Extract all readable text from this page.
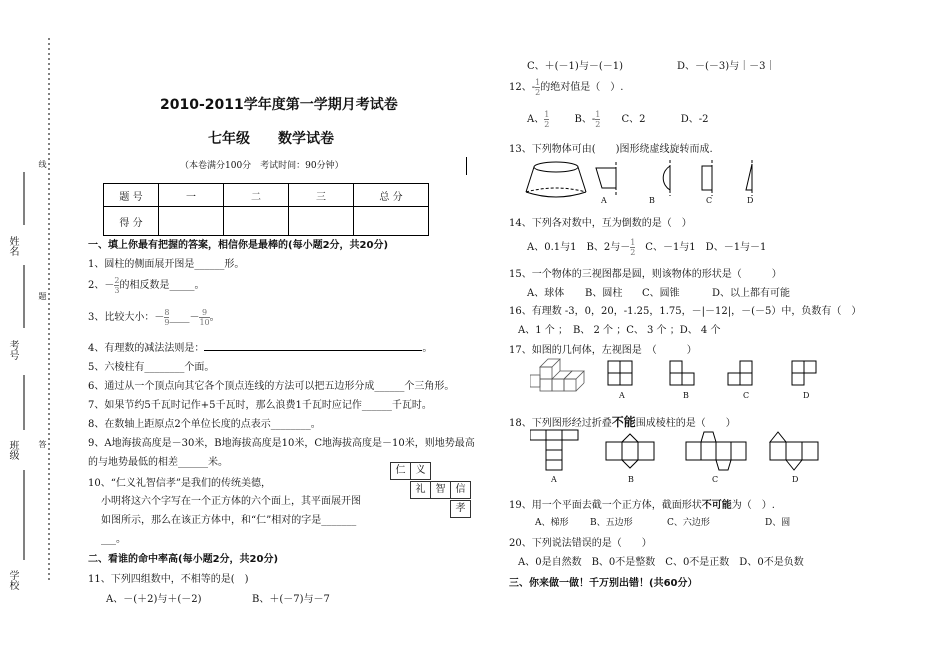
姓名
考号
班级
学校
线
题
答
2010-2011学年度第一学期月考试卷
七年级　　数学试卷
（本卷满分100分　考试时间：90分钟）
题 号	一	二	三	总 分
得 分				
一、填上你最有把握的答案，相信你是最棒的(每小题2分，共20分)
1、圆柱的侧面展开图是______形。
2、－ $\frac{2}{3}$ 的相反数是_____。
3、比较大小：－ $\frac{8}{9}$ ____－ $\frac{9}{10}$ 。
4、有理数的减法法则是：	。
5、六棱柱有________个面。
6、通过从一个顶点向其它各个顶点连线的方法可以把五边形分成______个三角形。
7、如果节约5千瓦时记作+5千瓦时，那么浪费1千瓦时应记作______千瓦时。
8、在数轴上距原点2个单位长度的点表示________。
9、A地海拔高度是－30米，B地海拔高度是10米，C地海拔高度是－10米，则地势最高
的与地势最低的相差______米。
10、“仁义礼智信孝”是我们的传统美德，
小明将这六个字写在一个正方体的六个面上，其平面展开图
如图所示，那么在该正方体中，和“仁”相对的字是_______
___。
仁	义
礼	智	信
孝
二、看谁的命中率高(每小题2分，共20分)
11、下列四组数中，不相等的是(　)
A、－(＋2)与＋(－2)	B、＋(－7)与－7
C、＋(－1)与－(－1)	D、－(－3)与｜－3｜
12、- $\frac{1}{2}$ 的绝对值是（　）.
A、 $\frac{1}{2}$	B、- $\frac{1}{2}$ C、2	D、-2
13、下列物体可由(　　)图形绕虚线旋转而成.
A	B	C	D
14、下列各对数中，互为倒数的是（　）
A、0.1与1　B、2与－ $\frac{1}{2}$ 　C、－1与1　D、－1与－1
15、一个物体的三视图都是圆，则该物体的形状是（　　　）
A、球体 B、圆柱 C、圆锥	D、以上都有可能
16、有理数 -3，0，20，-1.25，1.75，－|－12|，－(－5）中，负数有（　）
A、1 个 ；　B、 2 个 ；C、 3 个 ；D、 4 个
17、如图的几何体，左视图是　（　　　）
A	B	C	D
18、下列图形经过折叠不能围成棱柱的是（　　）
A	B	C	D
19、用一个平面去截一个正方体，截面形状不可能为（　）.
A、梯形 B、五边形	C、六边形	D、圆
20、下列说法错误的是（　　）
A、0是自然数　B、0不是整数　C、0不是正数　D、0不是负数
三、你来做一做！千万别出错！(共60分）
